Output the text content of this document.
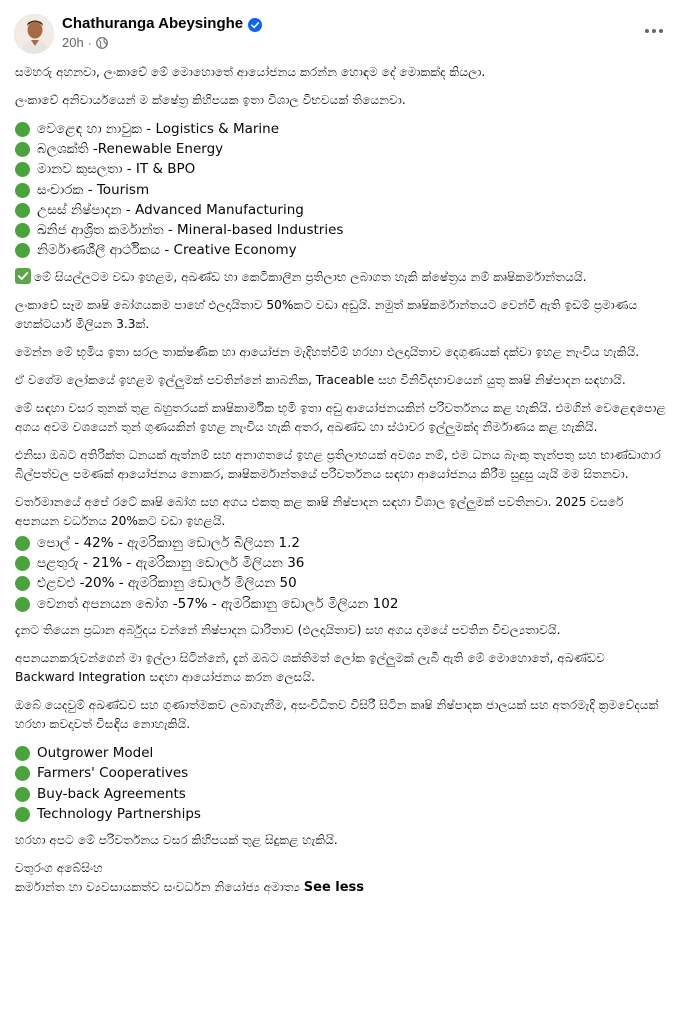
Chathuranga Abeysinghe
20h ·

සමහරු අහනවා, ලංකාවේ මේ මොහොතේ ආයෝජනය කරන්න හොඳම දේ මොකක්ද කියලා.

ලංකාවේ අනිවාර්යයෙන් ම ක්ෂේත්‍ර කිහිපයක ඉතා විශාල විභවයක් තියෙනවා.

වෙළෙඳ හා නාවුක - Logistics & Marine
බලශක්ති -Renewable Energy
මානව කුසලතා - IT & BPO
සංචාරක - Tourism
උසස් නිෂ්පාදන - Advanced Manufacturing
ඛනිජ ආශ්‍රිත කර්මාන්ත - Mineral-based Industries
නිර්මාණශීලී ආර්ථිකය - Creative Economy

මේ සියල්ලටම වඩා ඉහළම, අඛණ්ඩ හා කෙටිකාලීන ප්‍රතිලාභ ලබාගත හැකි ක්ෂේත්‍රය නම් කෘෂිකර්මාන්තයයි.

ලංකාවේ සෑම කෘෂි බෝගයකම පාහේ ඵලදායිතාව 50%කට වඩා අඩුයි. නමුත් කෘෂිකර්මාන්තයට වෙන්වී ඇති ඉඩම් ප්‍රමාණය හෙක්ටයාර් මිලියන 3.3ක්.

මෙන්න මේ භූමිය ඉතා සරල තාක්ෂණික හා ආයෝජන මැදිහත්වීම් හරහා ඵලදායිතාව දෙගුණයක් දක්වා ඉහළ නැංවිය හැකියි.

ඒ වගේම ලෝකයේ ඉහළම ඉල්ලුමක් පවතින්නේ කාබනික, Traceable සහ විනිවිදභාවයෙන් යුතු කෘෂි නිෂ්පාදන සඳහායි.

මේ සඳහා වසර තුනක් තුළ බහුතරයක් කෘෂිකාර්මික භූමි ඉතා අඩු ආයෝජනයකින් පරිවර්තනය කළ හැකියි. එමගින් වෙළෙඳපොළ අගය අවම වශයෙන් තුන් ගුණයකින් ඉහළ නැංවිය හැකි අතර, අඛණ්ඩ හා ස්ථාවර ඉල්ලුමක්ද නිර්මාණය කළ හැකියි.

එනිසා ඔබට අතිරික්ත ධනයක් ඇත්නම් සහ අනාගතයේ ඉහළ ප්‍රතිලාභයක් අවශ්‍ය නම්, එම ධනය බැංකු තැන්පතු සහ භාණ්ඩාගාර බිල්පත්වල පමණක් ආයෝජනය නොකර, කෘෂිකර්මාන්තයේ පරිවර්තනය සඳහා ආයෝජනය කිරීම සුදුසු යැයි මම සිතනවා.

වර්තමානයේ අපේ රටේ කෘෂි බෝග සහ අගය එකතු කළ කෘෂි නිෂ්පාදන සඳහා විශාල ඉල්ලුමක් පවතිනවා. 2025 වසරේ අපනයන වර්ධනය 20%කට වඩා ඉහළයි.

පොල් - 42% - ඇමරිකානු ඩොලර් බිලියන 1.2
පළතුරු - 21% - ඇමරිකානු ඩොලර් මිලියන 36
එළවළු -20% - ඇමරිකානු ඩොලර් මිලියන 50
වෙනත් අපනයන බෝග -57% - ඇමරිකානු ඩොලර් මිලියන 102

දැනට තියෙන ප්‍රධාන අර්බුදය වන්නේ නිෂ්පාදන ධාරිතාව (ඵලදායිතාව) සහ අගය දාමයේ පවතින විචල්‍යතාවයි.

අපනයනකරුවන්ගෙන් මා ඉල්ලා සිටින්නේ, දැන් ඔබට ශක්තිමත් ලෝක ඉල්ලුමක් ලැබී ඇති මේ මොහොතේ, අඛණ්ඩව Backward Integration සඳහා ආයෝජනය කරන ලෙසයි.

ඔබේ යෙදවුම් අඛණ්ඩව සහ ගුණාත්මකව ලබාගැනීම, අසංවිධිතව විසිරී සිටින කෘෂි නිෂ්පාදක ජාලයක් සහ අතරමැදි ක්‍රමවේදයක් හරහා කවදාවත් විසඳිය නොහැකියි.

Outgrower Model
Farmers' Cooperatives
Buy-back Agreements
Technology Partnerships

හරහා අපට මේ පරිවර්තනය වසර කිහිපයක් තුළ සිදුකළ හැකියි.

චතුරංග අබේසිංහ
කර්මාන්ත හා ව්‍යවසායකත්ව සංවර්ධන නියෝජ්‍ය අමාත්‍ය See less
